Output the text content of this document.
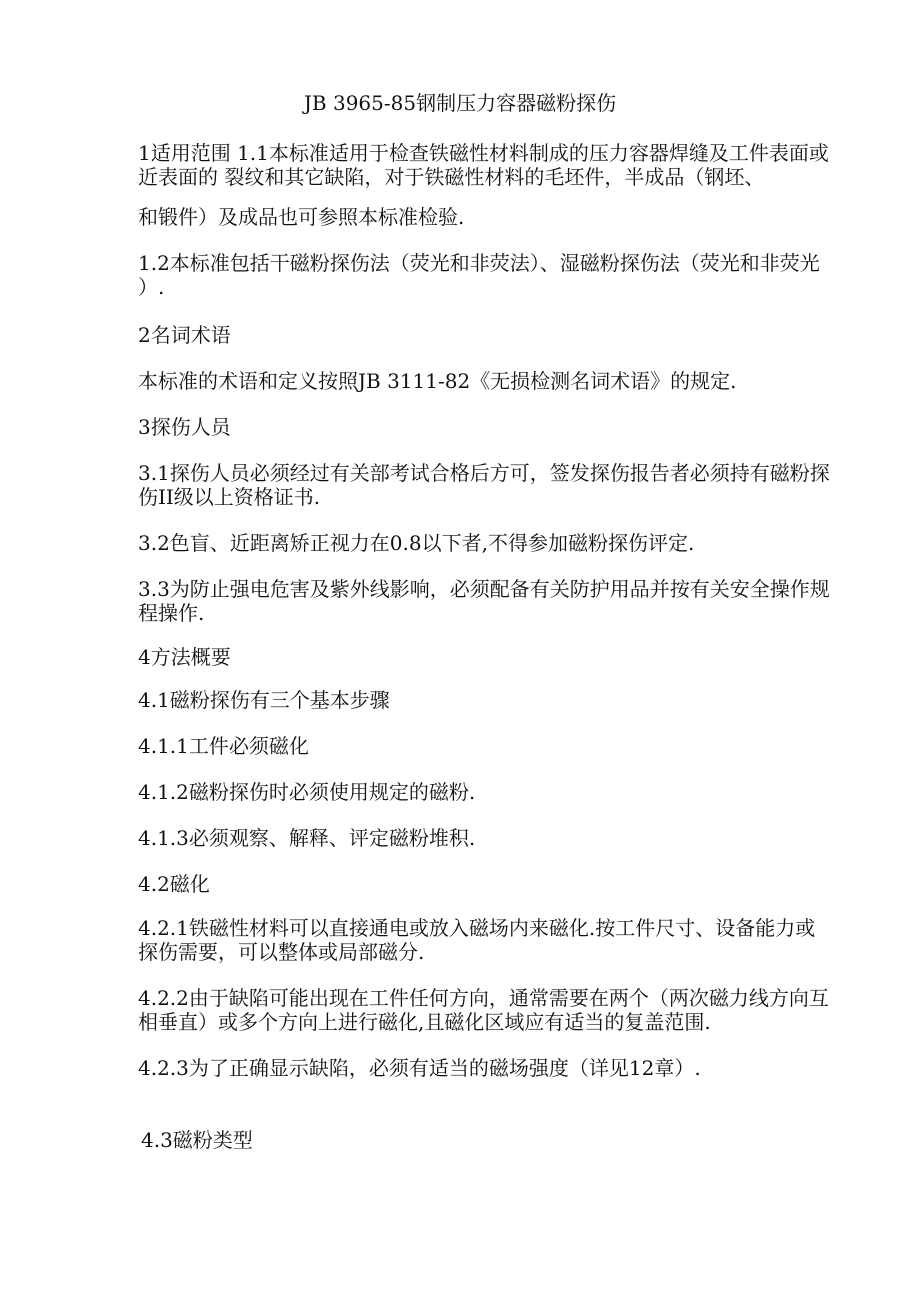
JB 3965-85钢制压力容器磁粉探伤
1适用范围 1.1本标准适用于检查铁磁性材料制成的压力容器焊缝及工件表面或
近表面的 裂纹和其它缺陷，对于铁磁性材料的毛坯件，半成品（钢坯、
和锻件）及成品也可参照本标准检验.
1.2本标准包括干磁粉探伤法（荧光和非荧法）、湿磁粉探伤法（荧光和非荧光
）.
2名词术语
本标准的术语和定义按照JB 3111-82《无损检测名词术语》的规定.
3探伤人员
3.1探伤人员必须经过有关部考试合格后方可，签发探伤报告者必须持有磁粉探
伤II级以上资格证书.
3.2色盲、近距离矫正视力在0.8以下者,不得参加磁粉探伤评定.
3.3为防止强电危害及紫外线影响，必须配备有关防护用品并按有关安全操作规
程操作.
4方法概要
4.1磁粉探伤有三个基本步骤
4.1.1工件必须磁化
4.1.2磁粉探伤时必须使用规定的磁粉.
4.1.3必须观察、解释、评定磁粉堆积.
4.2磁化
4.2.1铁磁性材料可以直接通电或放入磁场内来磁化.按工件尺寸、设备能力或
探伤需要，可以整体或局部磁分.
4.2.2由于缺陷可能出现在工件任何方向，通常需要在两个（两次磁力线方向互
相垂直）或多个方向上进行磁化,且磁化区域应有适当的复盖范围.
4.2.3为了正确显示缺陷，必须有适当的磁场强度（详见12章）.
4.3磁粉类型
